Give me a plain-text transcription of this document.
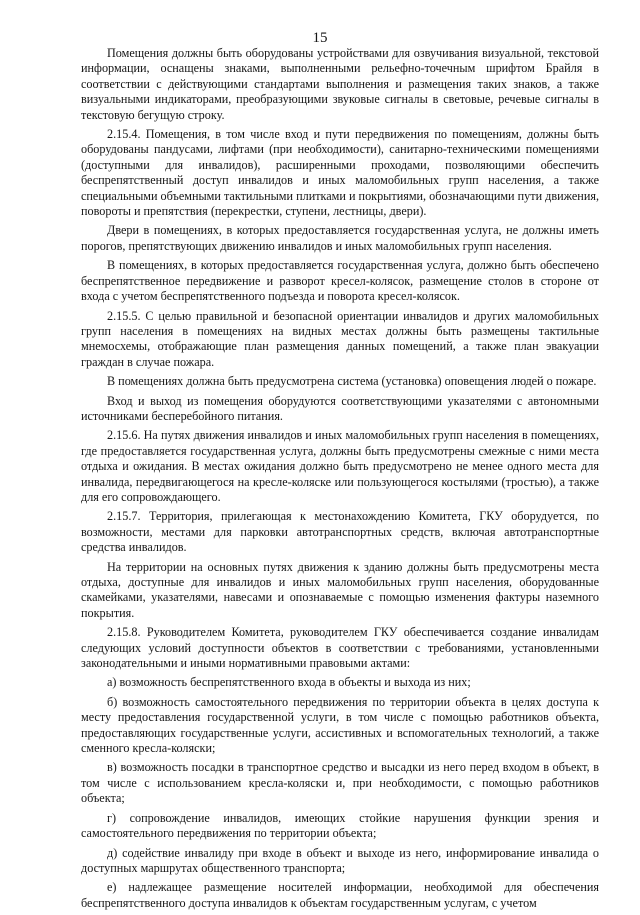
15

Помещения должны быть оборудованы устройствами для озвучивания визуальной, текстовой информации, оснащены знаками, выполненными рельефно-точечным шрифтом Брайля в соответствии с действующими стандартами выполнения и размещения таких знаков, а также визуальными индикаторами, преобразующими звуковые сигналы в световые, речевые сигналы в текстовую бегущую строку.

2.15.4. Помещения, в том числе вход и пути передвижения по помещениям, должны быть оборудованы пандусами, лифтами (при необходимости), санитарно-техническими помещениями (доступными для инвалидов), расширенными проходами, позволяющими обеспечить беспрепятственный доступ инвалидов и иных маломобильных групп населения, а также специальными объемными тактильными плитками и покрытиями, обозначающими пути движения, повороты и препятствия (перекрестки, ступени, лестницы, двери).

Двери в помещениях, в которых предоставляется государственная услуга, не должны иметь порогов, препятствующих движению инвалидов и иных маломобильных групп населения.

В помещениях, в которых предоставляется государственная услуга, должно быть обеспечено беспрепятственное передвижение и разворот кресел-колясок, размещение столов в стороне от входа с учетом беспрепятственного подъезда и поворота кресел-колясок.

2.15.5. С целью правильной и безопасной ориентации инвалидов и других маломобильных групп населения в помещениях на видных местах должны быть размещены тактильные мнемосхемы, отображающие план размещения данных помещений, а также план эвакуации граждан в случае пожара.

В помещениях должна быть предусмотрена система (установка) оповещения людей о пожаре.

Вход и выход из помещения оборудуются соответствующими указателями с автономными источниками бесперебойного питания.

2.15.6. На путях движения инвалидов и иных маломобильных групп населения в помещениях, где предоставляется государственная услуга, должны быть предусмотрены смежные с ними места отдыха и ожидания. В местах ожидания должно быть предусмотрено не менее одного места для инвалида, передвигающегося на кресле-коляске или пользующегося костылями (тростью), а также для его сопровождающего.

2.15.7. Территория, прилегающая к местонахождению Комитета, ГКУ оборудуется, по возможности, местами для парковки автотранспортных средств, включая автотранспортные средства инвалидов.

На территории на основных путях движения к зданию должны быть предусмотрены места отдыха, доступные для инвалидов и иных маломобильных групп населения, оборудованные скамейками, указателями, навесами и опознаваемые с помощью изменения фактуры наземного покрытия.

2.15.8. Руководителем Комитета, руководителем ГКУ обеспечивается создание инвалидам следующих условий доступности объектов в соответствии с требованиями, установленными законодательными и иными нормативными правовыми актами:

а) возможность беспрепятственного входа в объекты и выхода из них;

б) возможность самостоятельного передвижения по территории объекта в целях доступа к месту предоставления государственной услуги, в том числе с помощью работников объекта, предоставляющих государственные услуги, ассистивных и вспомогательных технологий, а также сменного кресла-коляски;

в) возможность посадки в транспортное средство и высадки из него перед входом в объект, в том числе с использованием кресла-коляски и, при необходимости, с помощью работников объекта;

г) сопровождение инвалидов, имеющих стойкие нарушения функции зрения и самостоятельного передвижения по территории объекта;

д) содействие инвалиду при входе в объект и выходе из него, информирование инвалида о доступных маршрутах общественного транспорта;

е) надлежащее размещение носителей информации, необходимой для обеспечения беспрепятственного доступа инвалидов к объектам государственным услугам, с учетом
